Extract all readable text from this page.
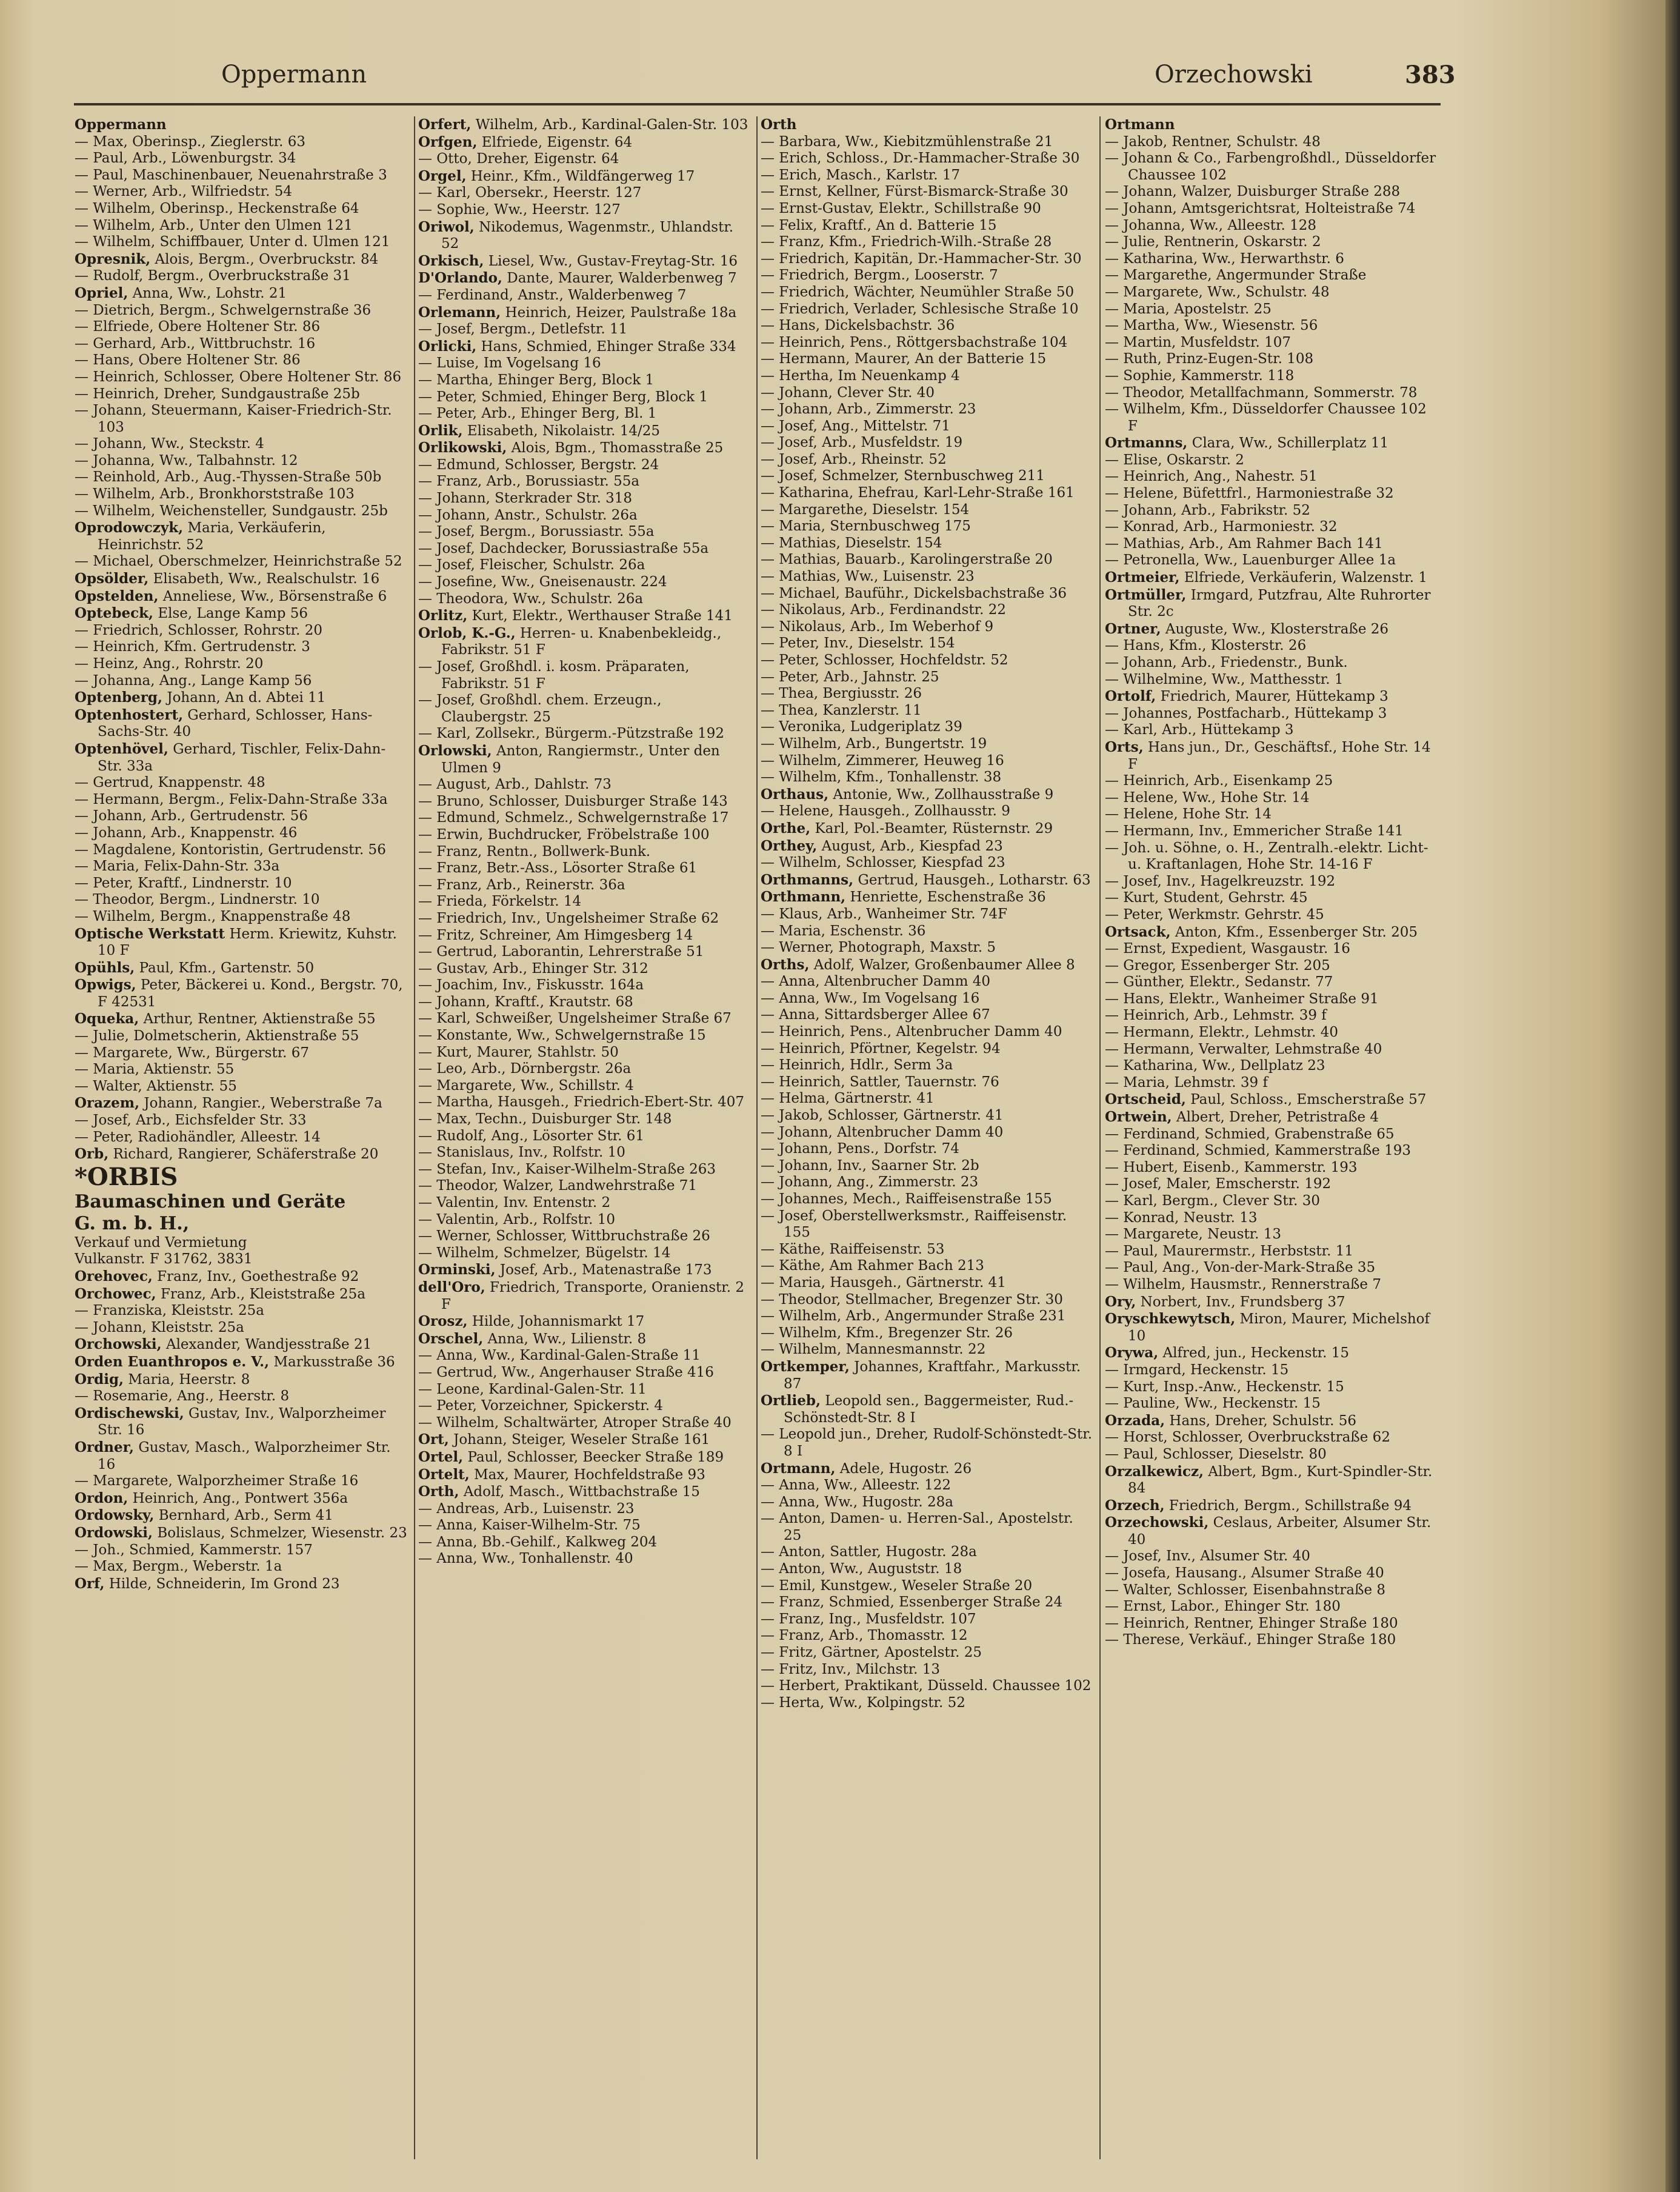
Oppermann	Orzechowski	383

Oppermann

— Max, Oberinsp., Zieglerstr. 63

— Paul, Arb., Löwenburgstr. 34

— Paul, Maschinenbauer, Neuenahrstraße 3

— Werner, Arb., Wilfriedstr. 54

— Wilhelm, Oberinsp., Heckenstraße 64

— Wilhelm, Arb., Unter den Ulmen 121

— Wilhelm, Schiffbauer, Unter d. Ulmen 121

Opresnik, Alois, Bergm., Overbruckstr. 84

— Rudolf, Bergm., Overbruckstraße 31

Opriel, Anna, Ww., Lohstr. 21

— Dietrich, Bergm., Schwelgernstraße 36

— Elfriede, Obere Holtener Str. 86

— Gerhard, Arb., Wittbruchstr. 16

— Hans, Obere Holtener Str. 86

— Heinrich, Schlosser, Obere Holtener Str. 86

— Heinrich, Dreher, Sundgaustraße 25b

— Johann, Steuermann, Kaiser-Friedrich-Str. 103

— Johann, Ww., Steckstr. 4

— Johanna, Ww., Talbahnstr. 12

— Reinhold, Arb., Aug.-Thyssen-Straße 50b

— Wilhelm, Arb., Bronkhorststraße 103

— Wilhelm, Weichensteller, Sundgaustr. 25b

Oprodowczyk, Maria, Verkäuferin, Heinrichstr. 52

— Michael, Oberschmelzer, Heinrichstraße 52

Opsölder, Elisabeth, Ww., Realschulstr. 16

Opstelden, Anneliese, Ww., Börsenstraße 6

Optebeck, Else, Lange Kamp 56

— Friedrich, Schlosser, Rohrstr. 20

— Heinrich, Kfm. Gertrudenstr. 3

— Heinz, Ang., Rohrstr. 20

— Johanna, Ang., Lange Kamp 56

Optenberg, Johann, An d. Abtei 11

Optenhostert, Gerhard, Schlosser, Hans-Sachs-Str. 40

Optenhövel, Gerhard, Tischler, Felix-Dahn-Str. 33a

— Gertrud, Knappenstr. 48

— Hermann, Bergm., Felix-Dahn-Straße 33a

— Johann, Arb., Gertrudenstr. 56

— Johann, Arb., Knappenstr. 46

— Magdalene, Kontoristin, Gertrudenstr. 56

— Maria, Felix-Dahn-Str. 33a

— Peter, Kraftf., Lindnerstr. 10

— Theodor, Bergm., Lindnerstr. 10

— Wilhelm, Bergm., Knappenstraße 48

Optische Werkstatt Herm. Kriewitz, Kuhstr. 10 F

Opühls, Paul, Kfm., Gartenstr. 50

Opwigs, Peter, Bäckerei u. Kond., Bergstr. 70, F 42531

Oqueka, Arthur, Rentner, Aktienstraße 55

— Julie, Dolmetscherin, Aktienstraße 55

— Margarete, Ww., Bürgerstr. 67

— Maria, Aktienstr. 55

— Walter, Aktienstr. 55

Orazem, Johann, Rangier., Weberstraße 7a

— Josef, Arb., Eichsfelder Str. 33

— Peter, Radiohändler, Alleestr. 14

Orb, Richard, Rangierer, Schäferstraße 20

*ORBIS

Baumaschinen und Geräte

G. m. b. H.,

Verkauf und Vermietung

Vulkanstr. F 31762, 3831

Orehovec, Franz, Inv., Goethestraße 92

Orchowec, Franz, Arb., Kleiststraße 25a

— Franziska, Kleiststr. 25a

— Johann, Kleiststr. 25a

Orchowski, Alexander, Wandjesstraße 21

Orden Euanthropos e. V., Markusstraße 36

Ordig, Maria, Heerstr. 8

— Rosemarie, Ang., Heerstr. 8

Ordischewski, Gustav, Inv., Walporzheimer Str. 16

Ordner, Gustav, Masch., Walporzheimer Str. 16

— Margarete, Walporzheimer Straße 16

Ordon, Heinrich, Ang., Pontwert 356a

Ordowsky, Bernhard, Arb., Serm 41

Ordowski, Bolislaus, Schmelzer, Wiesenstr. 23

— Joh., Schmied, Kammerstr. 157

— Max, Bergm., Weberstr. 1a

Orf, Hilde, Schneiderin, Im Grond 23

Orfert, Wilhelm, Arb., Kardinal-Galen-Str. 103

Orfgen, Elfriede, Eigenstr. 64

— Otto, Dreher, Eigenstr. 64

Orgel, Heinr., Kfm., Wildfängerweg 17

— Karl, Obersekr., Heerstr. 127

— Sophie, Ww., Heerstr. 127

Oriwol, Nikodemus, Wagenmstr., Uhlandstr. 52

Orkisch, Liesel, Ww., Gustav-Freytag-Str. 16

D'Orlando, Dante, Maurer, Walderbenweg 7

— Ferdinand, Anstr., Walderbenweg 7

Orlemann, Heinrich, Heizer, Paulstraße 18a

— Josef, Bergm., Detlefstr. 11

Orlicki, Hans, Schmied, Ehinger Straße 334

— Luise, Im Vogelsang 16

— Martha, Ehinger Berg, Block 1

— Peter, Schmied, Ehinger Berg, Block 1

— Peter, Arb., Ehinger Berg, Bl. 1

Orlik, Elisabeth, Nikolaistr. 14/25

Orlikowski, Alois, Bgm., Thomasstraße 25

— Edmund, Schlosser, Bergstr. 24

— Franz, Arb., Borussiastr. 55a

— Johann, Sterkrader Str. 318

— Johann, Anstr., Schulstr. 26a

— Josef, Bergm., Borussiastr. 55a

— Josef, Dachdecker, Borussiastraße 55a

— Josef, Fleischer, Schulstr. 26a

— Josefine, Ww., Gneisenaustr. 224

— Theodora, Ww., Schulstr. 26a

Orlitz, Kurt, Elektr., Werthauser Straße 141

Orlob, K.-G., Herren- u. Knabenbekleidg., Fabrikstr. 51 F

— Josef, Großhdl. i. kosm. Präparaten, Fabrikstr. 51 F

— Josef, Großhdl. chem. Erzeugn., Claubergstr. 25

— Karl, Zollsekr., Bürgerm.-Pützstraße 192

Orlowski, Anton, Rangiermstr., Unter den Ulmen 9

— August, Arb., Dahlstr. 73

— Bruno, Schlosser, Duisburger Straße 143

— Edmund, Schmelz., Schwelgernstraße 17

— Erwin, Buchdrucker, Fröbelstraße 100

— Franz, Rentn., Bollwerk-Bunk.

— Franz, Betr.-Ass., Lösorter Straße 61

— Franz, Arb., Reinerstr. 36a

— Frieda, Förkelstr. 14

— Friedrich, Inv., Ungelsheimer Straße 62

— Fritz, Schreiner, Am Himgesberg 14

— Gertrud, Laborantin, Lehrerstraße 51

— Gustav, Arb., Ehinger Str. 312

— Joachim, Inv., Fiskusstr. 164a

— Johann, Kraftf., Krautstr. 68

— Karl, Schweißer, Ungelsheimer Straße 67

— Konstante, Ww., Schwelgernstraße 15

— Kurt, Maurer, Stahlstr. 50

— Leo, Arb., Dörnbergstr. 26a

— Margarete, Ww., Schillstr. 4

— Martha, Hausgeh., Friedrich-Ebert-Str. 407

— Max, Techn., Duisburger Str. 148

— Rudolf, Ang., Lösorter Str. 61

— Stanislaus, Inv., Rolfstr. 10

— Stefan, Inv., Kaiser-Wilhelm-Straße 263

— Theodor, Walzer, Landwehrstraße 71

— Valentin, Inv. Entenstr. 2

— Valentin, Arb., Rolfstr. 10

— Werner, Schlosser, Wittbruchstraße 26

— Wilhelm, Schmelzer, Bügelstr. 14

Orminski, Josef, Arb., Matenastraße 173

dell'Oro, Friedrich, Transporte, Oranienstr. 2 F

Orosz, Hilde, Johannismarkt 17

Orschel, Anna, Ww., Lilienstr. 8

— Anna, Ww., Kardinal-Galen-Straße 11

— Gertrud, Ww., Angerhauser Straße 416

— Leone, Kardinal-Galen-Str. 11

— Peter, Vorzeichner, Spickerstr. 4

— Wilhelm, Schaltwärter, Atroper Straße 40

Ort, Johann, Steiger, Weseler Straße 161

Ortel, Paul, Schlosser, Beecker Straße 189

Ortelt, Max, Maurer, Hochfeldstraße 93

Orth, Adolf, Masch., Wittbachstraße 15

— Andreas, Arb., Luisenstr. 23

— Anna, Kaiser-Wilhelm-Str. 75

— Anna, Bb.-Gehilf., Kalkweg 204

— Anna, Ww., Tonhallenstr. 40

Orth

— Barbara, Ww., Kiebitzmühlenstraße 21

— Erich, Schloss., Dr.-Hammacher-Straße 30

— Erich, Masch., Karlstr. 17

— Ernst, Kellner, Fürst-Bismarck-Straße 30

— Ernst-Gustav, Elektr., Schillstraße 90

— Felix, Kraftf., An d. Batterie 15

— Franz, Kfm., Friedrich-Wilh.-Straße 28

— Friedrich, Kapitän, Dr.-Hammacher-Str. 30

— Friedrich, Bergm., Looserstr. 7

— Friedrich, Wächter, Neumühler Straße 50

— Friedrich, Verlader, Schlesische Straße 10

— Hans, Dickelsbachstr. 36

— Heinrich, Pens., Röttgersbachstraße 104

— Hermann, Maurer, An der Batterie 15

— Hertha, Im Neuenkamp 4

— Johann, Clever Str. 40

— Johann, Arb., Zimmerstr. 23

— Josef, Ang., Mittelstr. 71

— Josef, Arb., Musfeldstr. 19

— Josef, Arb., Rheinstr. 52

— Josef, Schmelzer, Sternbuschweg 211

— Katharina, Ehefrau, Karl-Lehr-Straße 161

— Margarethe, Dieselstr. 154

— Maria, Sternbuschweg 175

— Mathias, Dieselstr. 154

— Mathias, Bauarb., Karolingerstraße 20

— Mathias, Ww., Luisenstr. 23

— Michael, Bauführ., Dickelsbachstraße 36

— Nikolaus, Arb., Ferdinandstr. 22

— Nikolaus, Arb., Im Weberhof 9

— Peter, Inv., Dieselstr. 154

— Peter, Schlosser, Hochfeldstr. 52

— Peter, Arb., Jahnstr. 25

— Thea, Bergiusstr. 26

— Thea, Kanzlerstr. 11

— Veronika, Ludgeriplatz 39

— Wilhelm, Arb., Bungertstr. 19

— Wilhelm, Zimmerer, Heuweg 16

— Wilhelm, Kfm., Tonhallenstr. 38

Orthaus, Antonie, Ww., Zollhausstraße 9

— Helene, Hausgeh., Zollhausstr. 9

Orthe, Karl, Pol.-Beamter, Rüsternstr. 29

Orthey, August, Arb., Kiespfad 23

— Wilhelm, Schlosser, Kiespfad 23

Orthmanns, Gertrud, Hausgeh., Lotharstr. 63

Orthmann, Henriette, Eschenstraße 36

— Klaus, Arb., Wanheimer Str. 74F

— Maria, Eschenstr. 36

— Werner, Photograph, Maxstr. 5

Orths, Adolf, Walzer, Großenbaumer Allee 8

— Anna, Altenbrucher Damm 40

— Anna, Ww., Im Vogelsang 16

— Anna, Sittardsberger Allee 67

— Heinrich, Pens., Altenbrucher Damm 40

— Heinrich, Pförtner, Kegelstr. 94

— Heinrich, Hdlr., Serm 3a

— Heinrich, Sattler, Tauernstr. 76

— Helma, Gärtnerstr. 41

— Jakob, Schlosser, Gärtnerstr. 41

— Johann, Altenbrucher Damm 40

— Johann, Pens., Dorfstr. 74

— Johann, Inv., Saarner Str. 2b

— Johann, Ang., Zimmerstr. 23

— Johannes, Mech., Raiffeisenstraße 155

— Josef, Oberstellwerksmstr., Raiffeisenstr. 155

— Käthe, Raiffeisenstr. 53

— Käthe, Am Rahmer Bach 213

— Maria, Hausgeh., Gärtnerstr. 41

— Theodor, Stellmacher, Bregenzer Str. 30

— Wilhelm, Arb., Angermunder Straße 231

— Wilhelm, Kfm., Bregenzer Str. 26

— Wilhelm, Mannesmannstr. 22

Ortkemper, Johannes, Kraftfahr., Markusstr. 87

Ortlieb, Leopold sen., Baggermeister, Rud.-Schönstedt-Str. 8 I

— Leopold jun., Dreher, Rudolf-Schönstedt-Str. 8 I

Ortmann, Adele, Hugostr. 26

— Anna, Ww., Alleestr. 122

— Anna, Ww., Hugostr. 28a

— Anton, Damen- u. Herren-Sal., Apostelstr. 25

— Anton, Sattler, Hugostr. 28a

— Anton, Ww., Auguststr. 18

— Emil, Kunstgew., Weseler Straße 20

— Franz, Schmied, Essenberger Straße 24

— Franz, Ing., Musfeldstr. 107

— Franz, Arb., Thomasstr. 12

— Fritz, Gärtner, Apostelstr. 25

— Fritz, Inv., Milchstr. 13

— Herbert, Praktikant, Düsseld. Chaussee 102

— Herta, Ww., Kolpingstr. 52

Ortmann

— Jakob, Rentner, Schulstr. 48

— Johann & Co., Farbengroßhdl., Düsseldorfer Chaussee 102

— Johann, Walzer, Duisburger Straße 288

— Johann, Amtsgerichtsrat, Holteistraße 74

— Johanna, Ww., Alleestr. 128

— Julie, Rentnerin, Oskarstr. 2

— Katharina, Ww., Herwarthstr. 6

— Margarethe, Angermunder Straße

— Margarete, Ww., Schulstr. 48

— Maria, Apostelstr. 25

— Martha, Ww., Wiesenstr. 56

— Martin, Musfeldstr. 107

— Ruth, Prinz-Eugen-Str. 108

— Sophie, Kammerstr. 118

— Theodor, Metallfachmann, Sommerstr. 78

— Wilhelm, Kfm., Düsseldorfer Chaussee 102 F

Ortmanns, Clara, Ww., Schillerplatz 11

— Elise, Oskarstr. 2

— Heinrich, Ang., Nahestr. 51

— Helene, Büfettfrl., Harmoniestraße 32

— Johann, Arb., Fabrikstr. 52

— Konrad, Arb., Harmoniestr. 32

— Mathias, Arb., Am Rahmer Bach 141

— Petronella, Ww., Lauenburger Allee 1a

Ortmeier, Elfriede, Verkäuferin, Walzenstr. 1

Ortmüller, Irmgard, Putzfrau, Alte Ruhrorter Str. 2c

Ortner, Auguste, Ww., Klosterstraße 26

— Hans, Kfm., Klosterstr. 26

— Johann, Arb., Friedenstr., Bunk.

— Wilhelmine, Ww., Matthesstr. 1

Ortolf, Friedrich, Maurer, Hüttekamp 3

— Johannes, Postfacharb., Hüttekamp 3

— Karl, Arb., Hüttekamp 3

Orts, Hans jun., Dr., Geschäftsf., Hohe Str. 14 F

— Heinrich, Arb., Eisenkamp 25

— Helene, Ww., Hohe Str. 14

— Helene, Hohe Str. 14

— Hermann, Inv., Emmericher Straße 141

— Joh. u. Söhne, o. H., Zentralh.-elektr. Licht- u. Kraftanlagen, Hohe Str. 14-16 F

— Josef, Inv., Hagelkreuzstr. 192

— Kurt, Student, Gehrstr. 45

— Peter, Werkmstr. Gehrstr. 45

Ortsack, Anton, Kfm., Essenberger Str. 205

— Ernst, Expedient, Wasgaustr. 16

— Gregor, Essenberger Str. 205

— Günther, Elektr., Sedanstr. 77

— Hans, Elektr., Wanheimer Straße 91

— Heinrich, Arb., Lehmstr. 39 f

— Hermann, Elektr., Lehmstr. 40

— Hermann, Verwalter, Lehmstraße 40

— Katharina, Ww., Dellplatz 23

— Maria, Lehmstr. 39 f

Ortscheid, Paul, Schloss., Emscherstraße 57

Ortwein, Albert, Dreher, Petristraße 4

— Ferdinand, Schmied, Grabenstraße 65

— Ferdinand, Schmied, Kammerstraße 193

— Hubert, Eisenb., Kammerstr. 193

— Josef, Maler, Emscherstr. 192

— Karl, Bergm., Clever Str. 30

— Konrad, Neustr. 13

— Margarete, Neustr. 13

— Paul, Maurermstr., Herbststr. 11

— Paul, Ang., Von-der-Mark-Straße 35

— Wilhelm, Hausmstr., Rennerstraße 7

Ory, Norbert, Inv., Frundsberg 37

Oryschkewytsch, Miron, Maurer, Michelshof 10

Orywa, Alfred, jun., Heckenstr. 15

— Irmgard, Heckenstr. 15

— Kurt, Insp.-Anw., Heckenstr. 15

— Pauline, Ww., Heckenstr. 15

Orzada, Hans, Dreher, Schulstr. 56

— Horst, Schlosser, Overbruckstraße 62

— Paul, Schlosser, Dieselstr. 80

Orzalkewicz, Albert, Bgm., Kurt-Spindler-Str. 84

Orzech, Friedrich, Bergm., Schillstraße 94

Orzechowski, Ceslaus, Arbeiter, Alsumer Str. 40

— Josef, Inv., Alsumer Str. 40

— Josefa, Hausang., Alsumer Straße 40

— Walter, Schlosser, Eisenbahnstraße 8

— Ernst, Labor., Ehinger Str. 180

— Heinrich, Rentner, Ehinger Straße 180

— Therese, Verkäuf., Ehinger Straße 180
